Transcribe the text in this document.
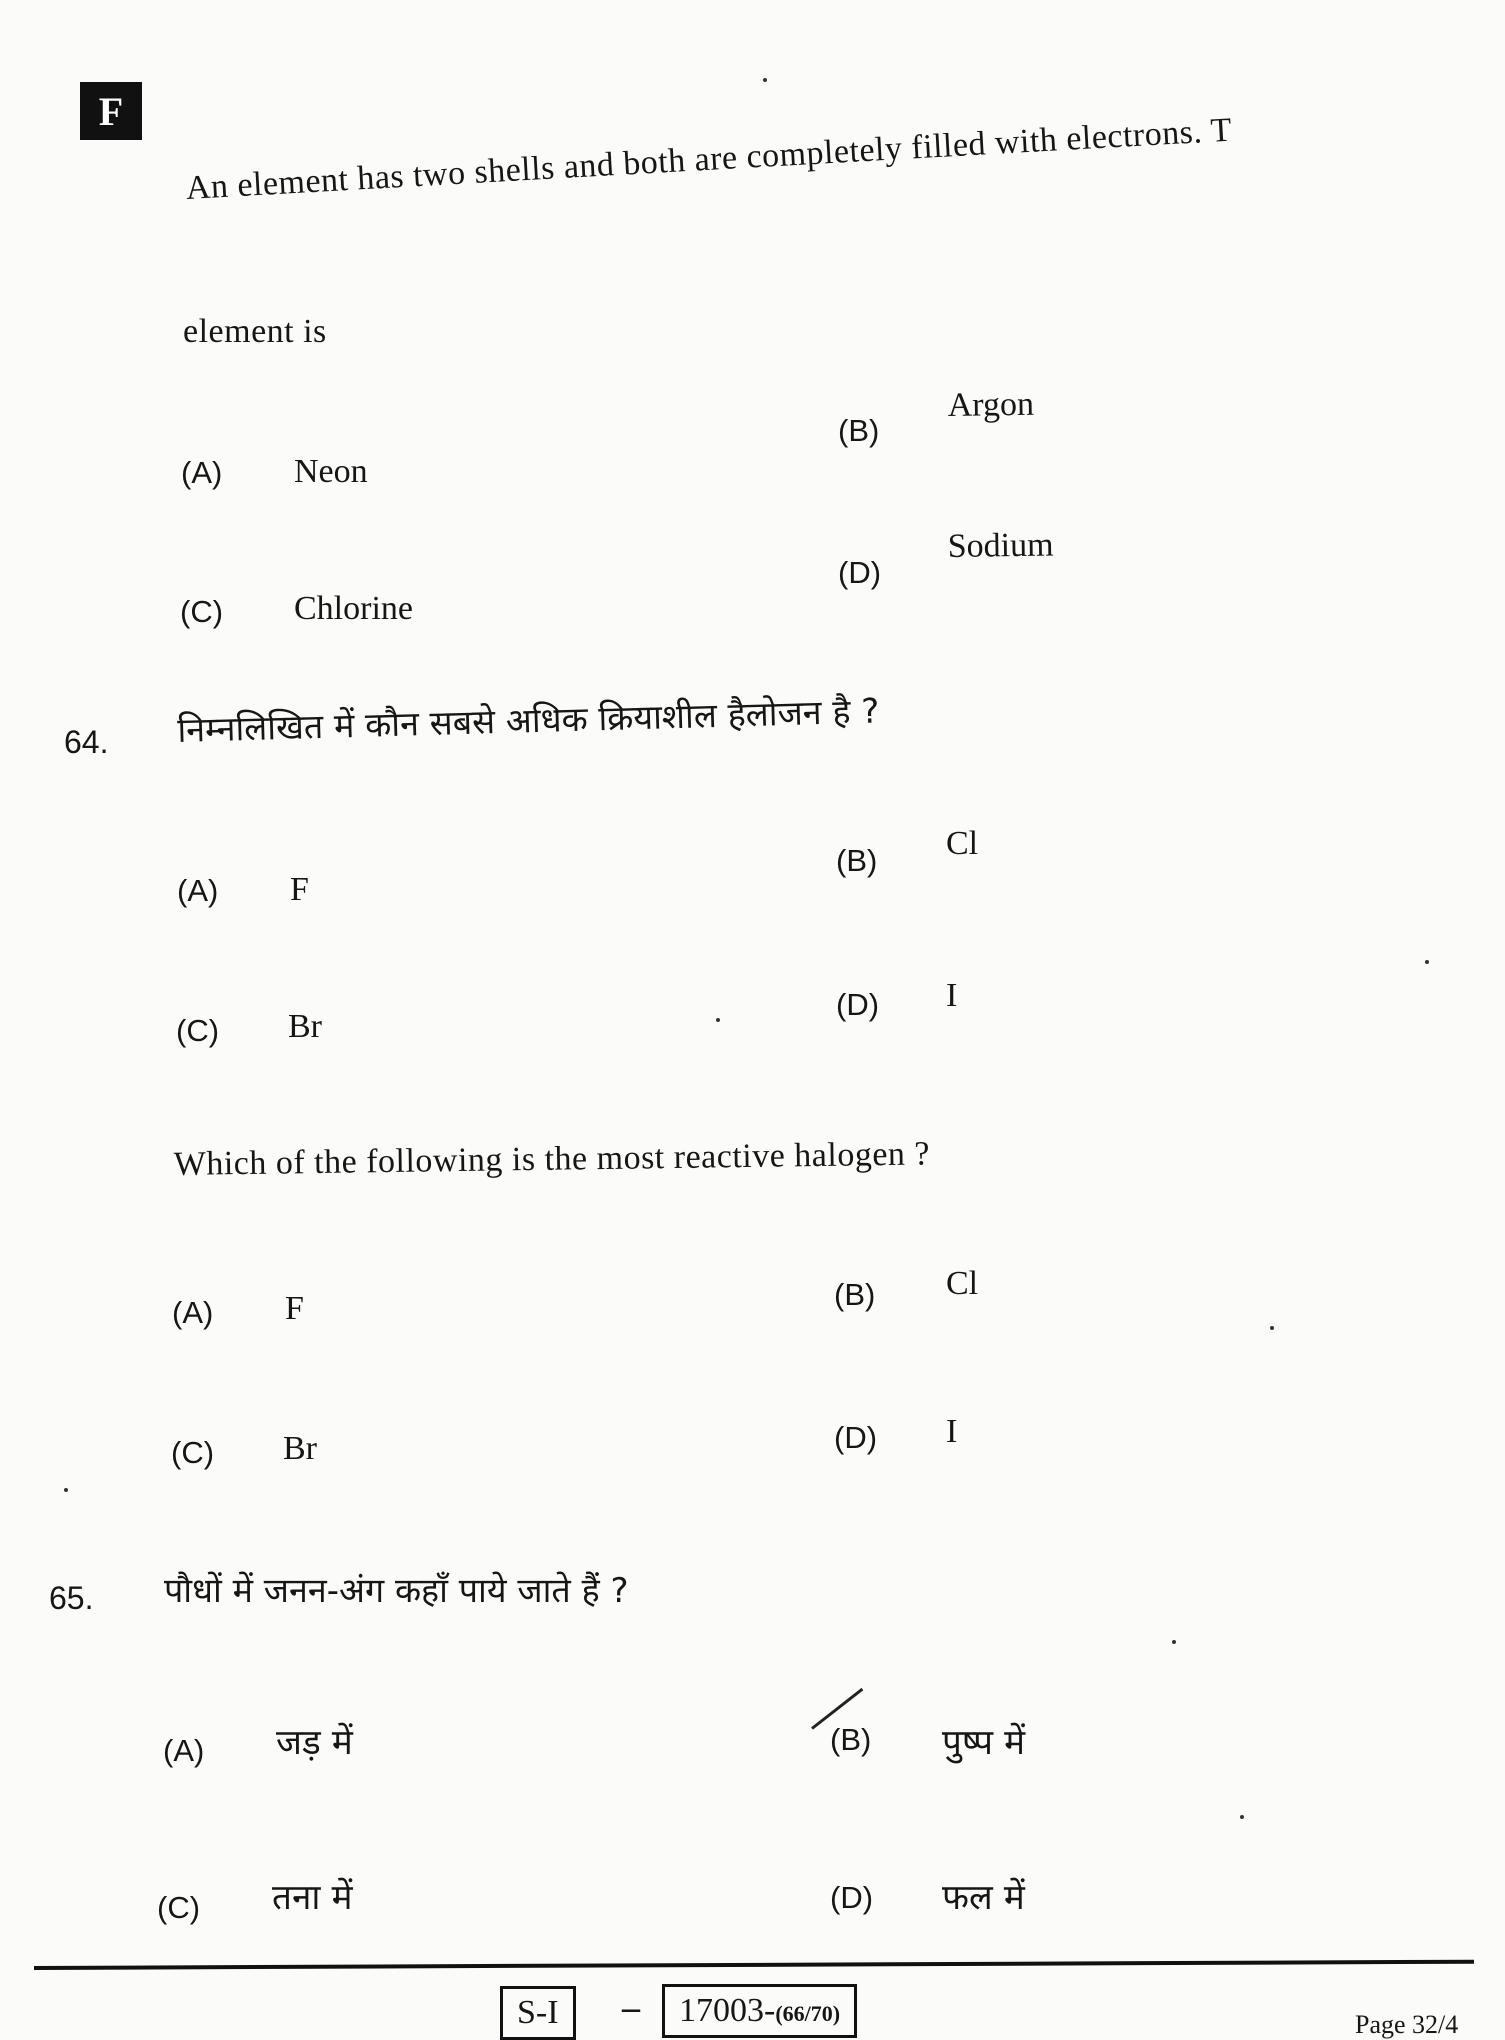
F
An element has two shells and both are completely filled with electrons. T
element is
(A) Neon
(B)
Argon
(C) Chlorine
(D)
Sodium
64. निम्नलिखित में कौन सबसे अधिक क्रियाशील हैलोजन है ?
(A) F
(B) Cl
(C) Br
(D) I
Which of the following is the most reactive halogen ?
(A) F	(B) Cl
(C) Br	(D) I
65. पौधों में जनन-अंग कहाँ पाये जाते हैं ?
(A) जड़ में	(B) पुष्प में
(C) तना में	(D) फल में
S-I	–	17003-(66/70)	Page 32/4
